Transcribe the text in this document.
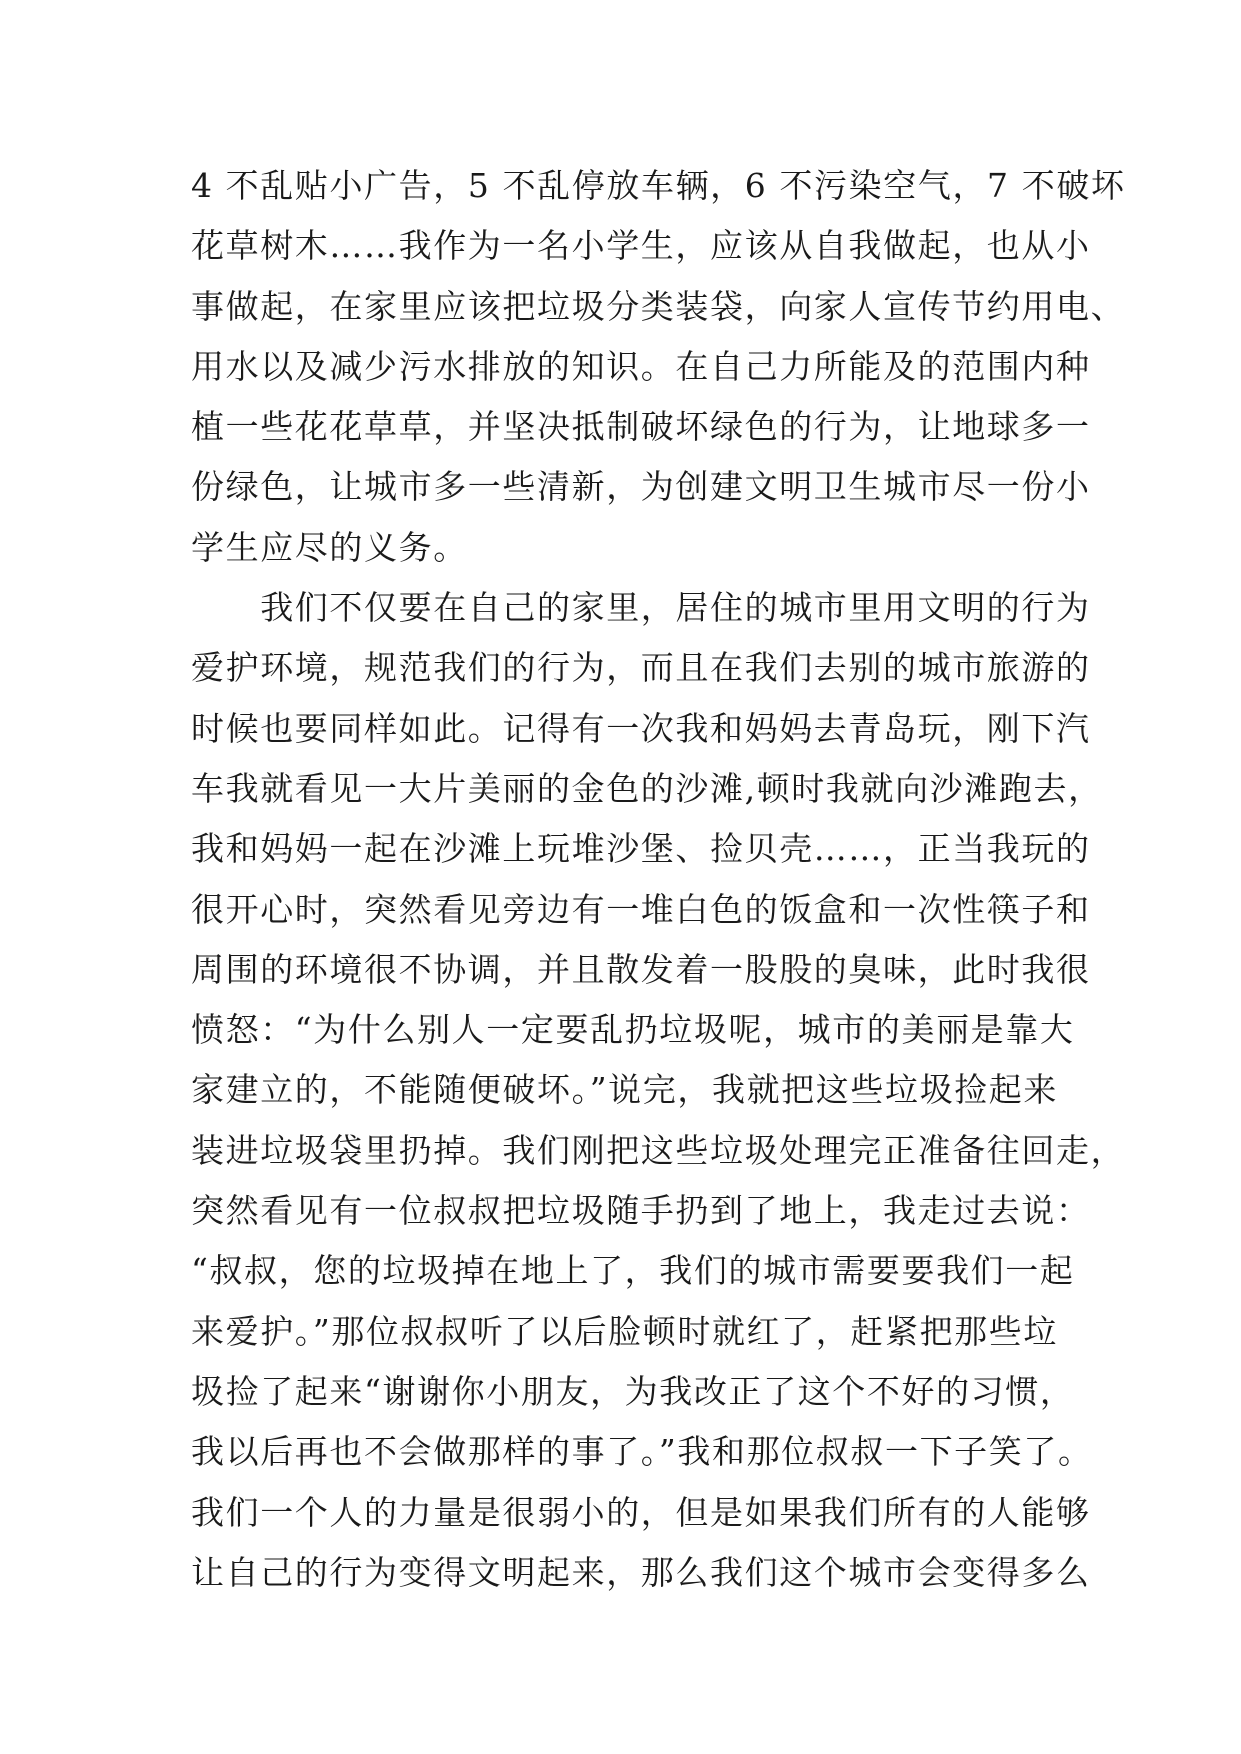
4 不乱贴小广告，5 不乱停放车辆，6 不污染空气，7 不破坏
花草树木……我作为一名小学生，应该从自我做起，也从小
事做起，在家里应该把垃圾分类装袋，向家人宣传节约用电、
用水以及减少污水排放的知识。在自己力所能及的范围内种
植一些花花草草，并坚决抵制破坏绿色的行为，让地球多一
份绿色，让城市多一些清新，为创建文明卫生城市尽一份小
学生应尽的义务。
　　我们不仅要在自己的家里，居住的城市里用文明的行为
爱护环境，规范我们的行为，而且在我们去别的城市旅游的
时候也要同样如此。记得有一次我和妈妈去青岛玩，刚下汽
车我就看见一大片美丽的金色的沙滩,顿时我就向沙滩跑去，
我和妈妈一起在沙滩上玩堆沙堡、捡贝壳……，正当我玩的
很开心时，突然看见旁边有一堆白色的饭盒和一次性筷子和
周围的环境很不协调，并且散发着一股股的臭味，此时我很
愤怒：“为什么别人一定要乱扔垃圾呢，城市的美丽是靠大
家建立的，不能随便破坏。”说完，我就把这些垃圾捡起来
装进垃圾袋里扔掉。我们刚把这些垃圾处理完正准备往回走，
突然看见有一位叔叔把垃圾随手扔到了地上，我走过去说：
“叔叔，您的垃圾掉在地上了，我们的城市需要要我们一起
来爱护。”那位叔叔听了以后脸顿时就红了，赶紧把那些垃
圾捡了起来“谢谢你小朋友，为我改正了这个不好的习惯，
我以后再也不会做那样的事了。”我和那位叔叔一下子笑了。
我们一个人的力量是很弱小的，但是如果我们所有的人能够
让自己的行为变得文明起来，那么我们这个城市会变得多么
